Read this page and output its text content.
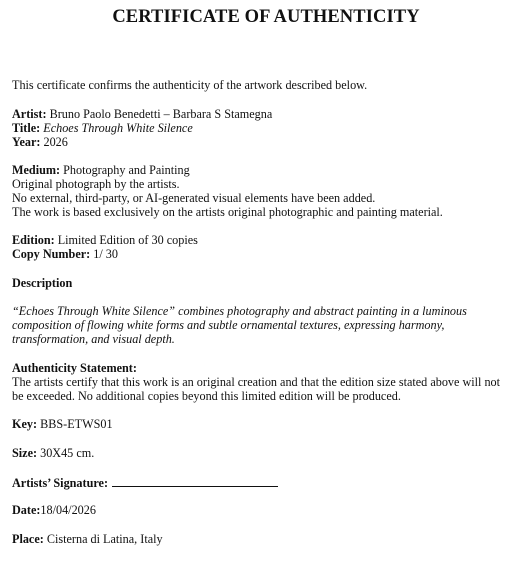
CERTIFICATE OF AUTHENTICITY
This certificate confirms the authenticity of the artwork described below.
Artist: Bruno Paolo Benedetti – Barbara S Stamegna
Title: Echoes Through White Silence
Year: 2026
Medium: Photography and Painting
Original photograph by the artists.
No external, third-party, or AI-generated visual elements have been added.
The work is based exclusively on the artists original photographic and painting material.
Edition: Limited Edition of 30 copies
Copy Number: 1/ 30
Description
“Echoes Through White Silence” combines photography and abstract painting in a luminous
composition of flowing white forms and subtle ornamental textures, expressing harmony,
transformation, and visual depth.
Authenticity Statement:
The artists certify that this work is an original creation and that the edition size stated above will not
be exceeded. No additional copies beyond this limited edition will be produced.
Key: BBS-ETWS01
Size: 30X45 cm.
Artists’ Signature:
Date:18/04/2026
Place: Cisterna di Latina, Italy
